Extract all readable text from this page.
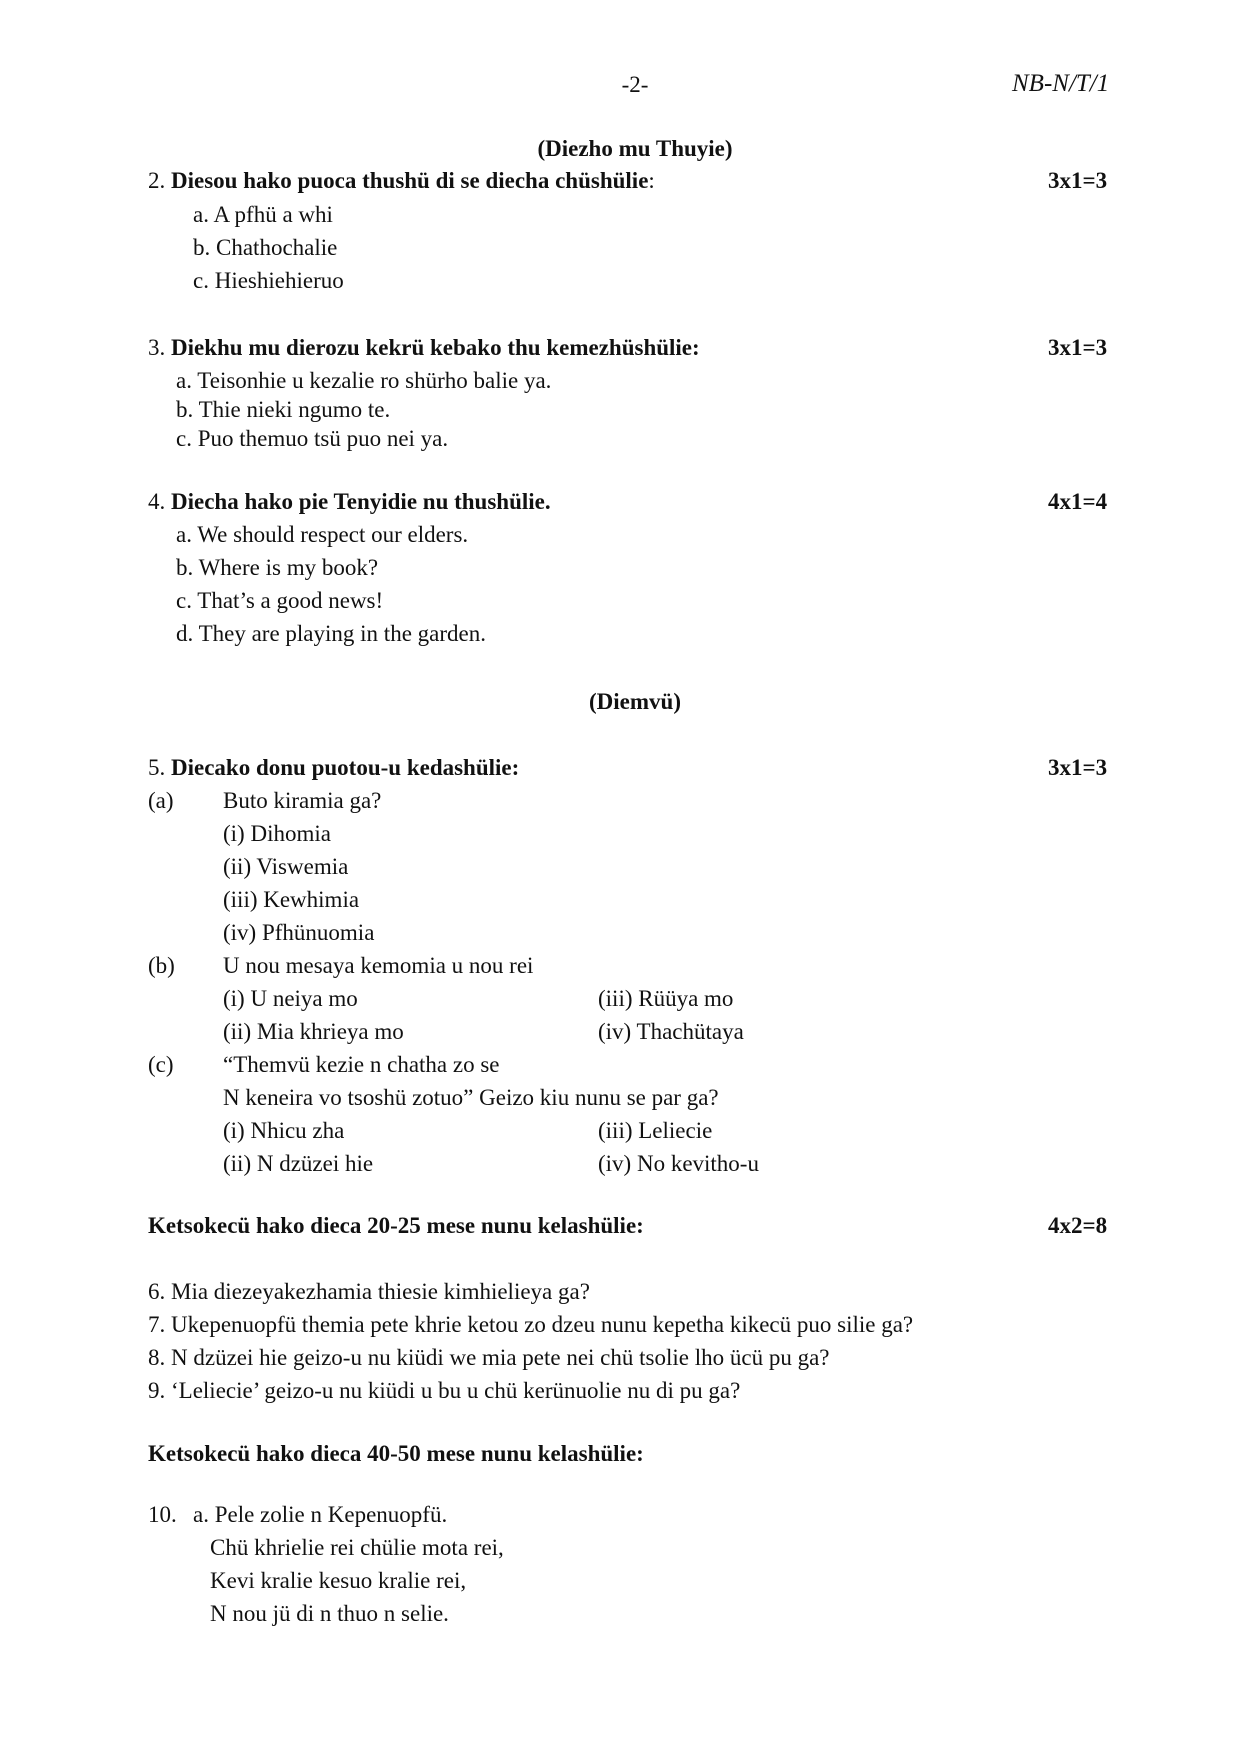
-2-	NB-N/T/1
(Diezho mu Thuyie)
2. Diesou hako puoca thushü di se diecha chüshülie:	3x1=3
a. A pfhü a whi
b. Chathochalie
c. Hieshiehieruo
3. Diekhu mu dierozu kekrü kebako thu kemezhüshülie:	3x1=3
a. Teisonhie u kezalie ro shürho balie ya.
b. Thie nieki ngumo te.
c. Puo themuo tsü puo nei ya.
4. Diecha hako pie Tenyidie nu thushülie.	4x1=4
a. We should respect our elders.
b. Where is my book?
c. That’s a good news!
d. They are playing in the garden.
(Diemvü)
5. Diecako donu puotou-u kedashülie:	3x1=3
(a) Buto kiramia ga?
(i) Dihomia
(ii) Viswemia
(iii) Kewhimia
(iv) Pfhünuomia
(b) U nou mesaya kemomia u nou rei
(i) U neiya mo	(iii) Rüüya mo
(ii) Mia khrieya mo	(iv) Thachütaya
(c) “Themvü kezie n chatha zo se
N keneira vo tsoshü zotuo” Geizo kiu nunu se par ga?
(i) Nhicu zha	(iii) Leliecie
(ii) N dzüzei hie	(iv) No kevitho-u
Ketsokecü hako dieca 20-25 mese nunu kelashülie:	4x2=8
6. Mia diezeyakezhamia thiesie kimhielieya ga?
7. Ukepenuopfü themia pete khrie ketou zo dzeu nunu kepetha kikecü puo silie ga?
8. N dzüzei hie geizo-u nu kiüdi we mia pete nei chü tsolie lho ücü pu ga?
9. ‘Leliecie’ geizo-u nu kiüdi u bu u chü kerünuolie nu di pu ga?
Ketsokecü hako dieca 40-50 mese nunu kelashülie:
10. a. Pele zolie n Kepenuopfü.
Chü khrielie rei chülie mota rei,
Kevi kralie kesuo kralie rei,
N nou jü di n thuo n selie.
